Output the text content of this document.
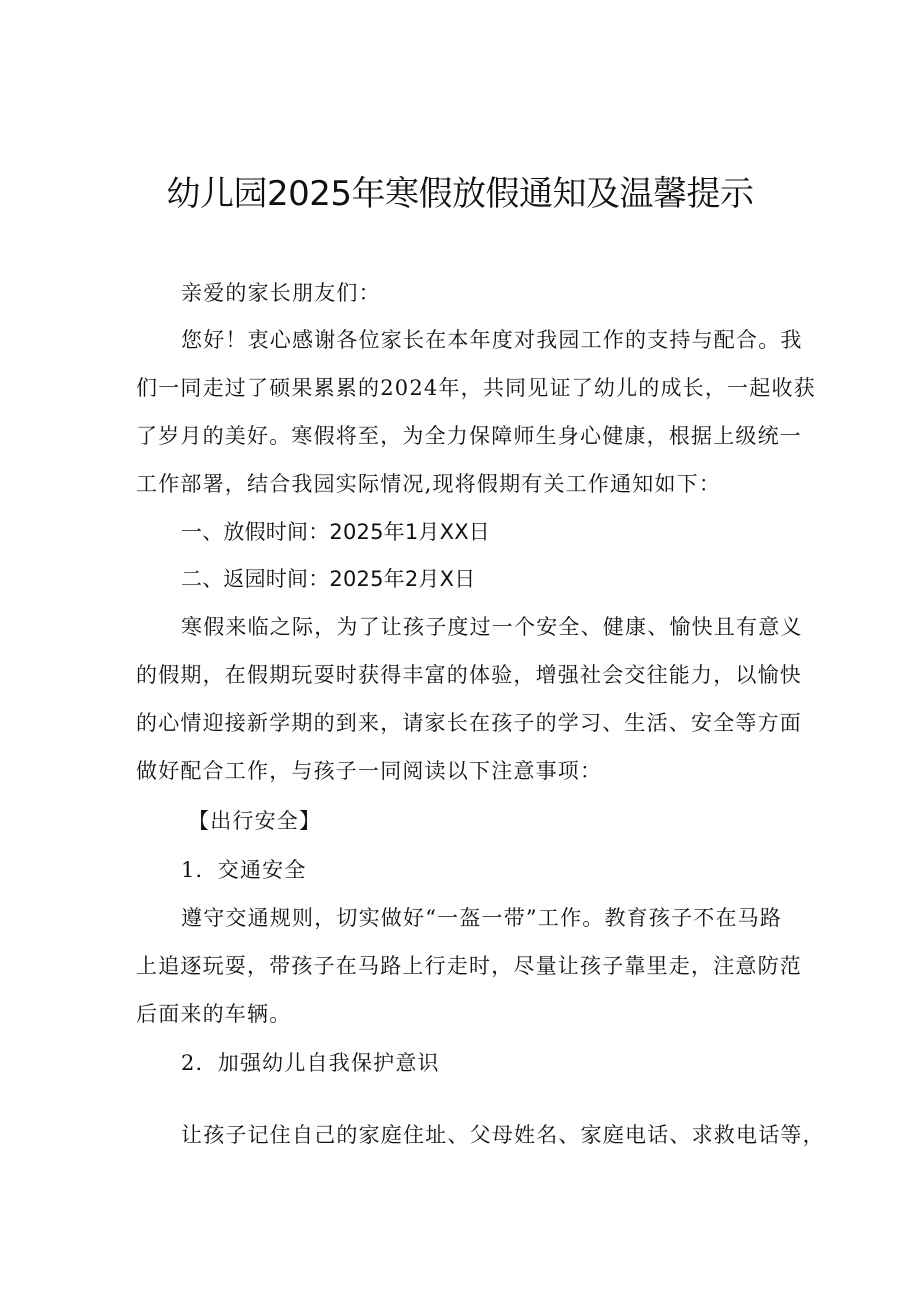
幼儿园2025年寒假放假通知及温馨提示
亲爱的家长朋友们：
您好！衷心感谢各位家长在本年度对我园工作的支持与配合。我
们一同走过了硕果累累的2024年，共同见证了幼儿的成长，一起收获
了岁月的美好。寒假将至，为全力保障师生身心健康，根据上级统一
工作部署，结合我园实际情况,现将假期有关工作通知如下：
一、放假时间：2025年1月XX日
二、返园时间：2025年2月X日
寒假来临之际，为了让孩子度过一个安全、健康、愉快且有意义
的假期，在假期玩耍时获得丰富的体验，增强社会交往能力，以愉快
的心情迎接新学期的到来，请家长在孩子的学习、生活、安全等方面
做好配合工作，与孩子一同阅读以下注意事项：
【出行安全】
1．交通安全
遵守交通规则，切实做好“一盔一带”工作。教育孩子不在马路
上追逐玩耍，带孩子在马路上行走时，尽量让孩子靠里走，注意防范
后面来的车辆。
2．加强幼儿自我保护意识
让孩子记住自己的家庭住址、父母姓名、家庭电话、求救电话等，
